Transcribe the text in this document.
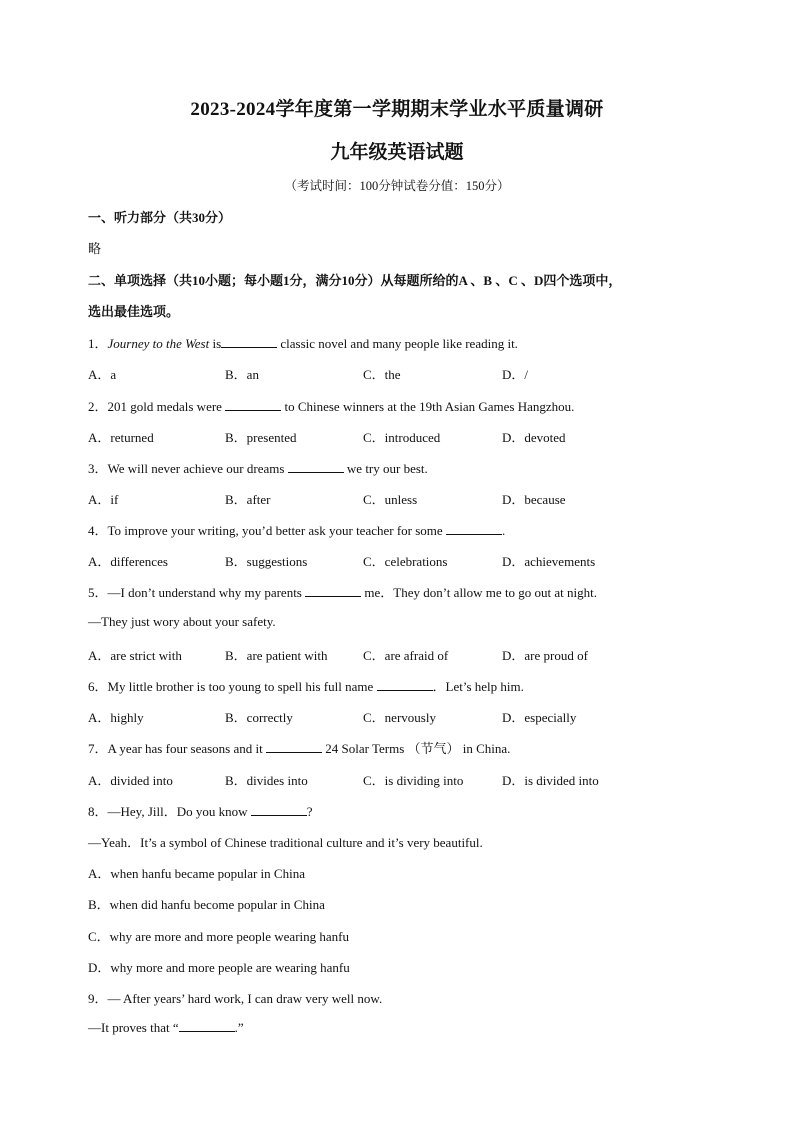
2023-2024学年度第一学期期末学业水平质量调研
九年级英语试题
（考试时间：100分钟试卷分值：150分）
一、听力部分（共30分）
略
二、单项选择（共10小题；每小题1分，满分10分）从每题所给的A 、B 、C 、D四个选项中，
选出最佳选项。
1．Journey to the West is	classic novel and many people like reading it.
A．a	B．an	C．the	D．/
2．201 gold medals were	to Chinese winners at the 19th Asian Games Hangzhou.
A．returned	B．presented	C．introduced	D．devoted
3．We will never achieve our dreams	we try our best.
A．if	B．after	C．unless	D．because
4．To improve your writing, you’d better ask your teacher for some	.
A．differences	B．suggestions	C．celebrations	D．achievements
5．—I don’t understand why my parents	me．They don’t allow me to go out at night.
—They just wory about your safety.
A．are strict with	B．are patient with	C．are afraid of	D．are proud of
6．My little brother is too young to spell his full name	．Let’s help him.
A．highly	B．correctly	C．nervously	D．especially
7．A year has four seasons and it	24 Solar Terms （节气） in China.
A．divided into	B．divides into	C．is dividing into	D．is divided into
8．—Hey, Jill．Do you know	?
—Yeah．It’s a symbol of Chinese traditional culture and it’s very beautiful.
A．when hanfu became popular in China
B．when did hanfu become popular in China
C．why are more and more people wearing hanfu
D．why more and more people are wearing hanfu
9．— After years’ hard work, I can draw very well now.
—It proves that “	.”
